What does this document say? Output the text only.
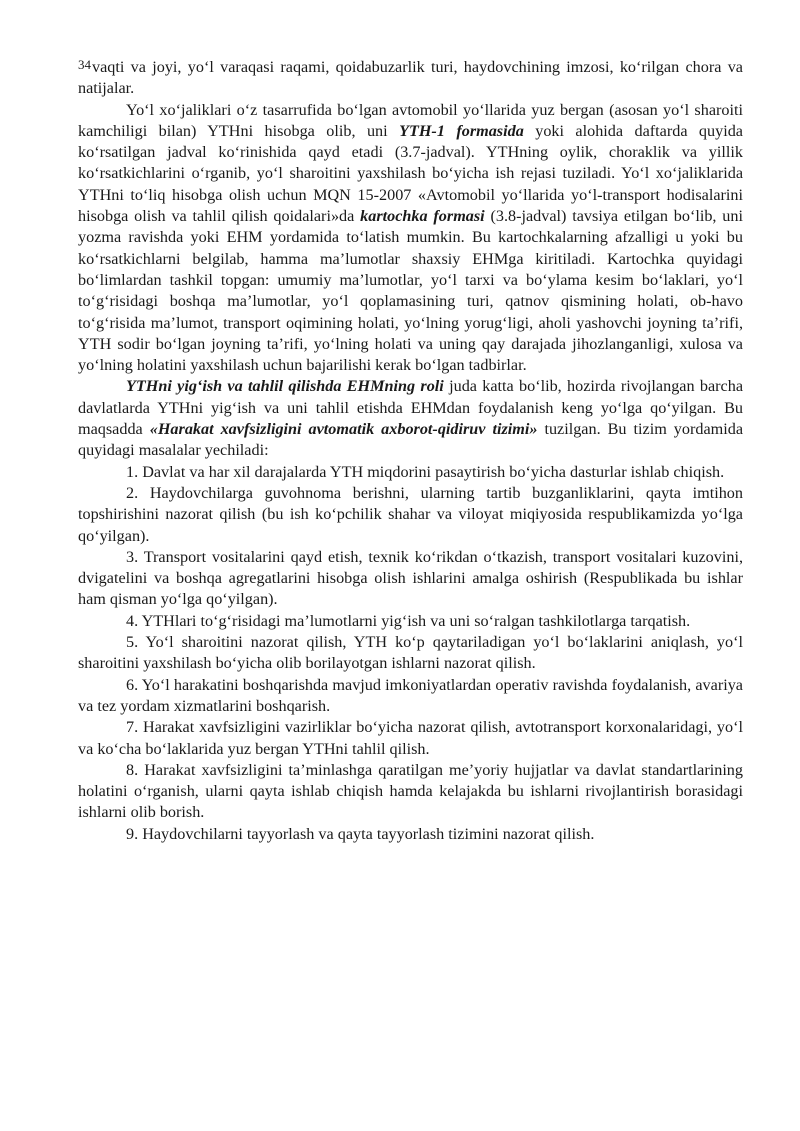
34 vaqti va joyi, yo‘l varaqasi raqami, qoidabuzarlik turi, haydovchining imzosi, ko‘rilgan chora va natijalar.

Yo‘l xo‘jaliklari o‘z tasarrufida bo‘lgan avtomobil yo‘llarida yuz bergan (asosan yo‘l sharoiti kamchiligi bilan) YTHni hisobga olib, uni YTH-1 formasida yoki alohida daftarda quyida ko‘rsatilgan jadval ko‘rinishida qayd etadi (3.7-jadval). YTHning oylik, choraklik va yillik ko‘rsatkichlarini o‘rganib, yo‘l sharoitini yaxshilash bo‘yicha ish rejasi tuziladi. Yo‘l xo‘jaliklarida YTHni to‘liq hisobga olish uchun MQN 15-2007 «Avtomobil yo‘llarida yo‘l-transport hodisalarini hisobga olish va tahlil qilish qoidalari»da kartochka formasi (3.8-jadval) tavsiya etilgan bo‘lib, uni yozma ravishda yoki EHM yordamida to‘latish mumkin. Bu kartochkalarning afzalligi u yoki bu ko‘rsatkichlarni belgilab, hamma ma’lumotlar shaxsiy EHMga kiritiladi. Kartochka quyidagi bo‘limlardan tashkil topgan: umumiy ma’lumotlar, yo‘l tarxi va bo‘ylama kesim bo‘laklari, yo‘l to‘g‘risidagi boshqa ma’lumotlar, yo‘l qoplamasining turi, qatnov qismining holati, ob-havo to‘g‘risida ma’lumot, transport oqimining holati, yo‘lning yorug‘ligi, aholi yashovchi joyning ta’rifi, YTH sodir bo‘lgan joyning ta’rifi, yo‘lning holati va uning qay darajada jihozlanganligi, xulosa va yo‘lning holatini yaxshilash uchun bajarilishi kerak bo‘lgan tadbirlar.

YTHni yig‘ish va tahlil qilishda EHMning roli juda katta bo‘lib, hozirda rivojlangan barcha davlatlarda YTHni yig‘ish va uni tahlil etishda EHMdan foydalanish keng yo‘lga qo‘yilgan. Bu maqsadda «Harakat xavfsizligini avtomatik axborot-qidiruv tizimi» tuzilgan. Bu tizim yordamida quyidagi masalalar yechiladi:

1. Davlat va har xil darajalarda YTH miqdorini pasaytirish bo‘yicha dasturlar ishlab chiqish.

2. Haydovchilarga guvohnoma berishni, ularning tartib buzganliklarini, qayta imtihon topshirishini nazorat qilish (bu ish ko‘pchilik shahar va viloyat miqiyosida respublikamizda yo‘lga qo‘yilgan).

3. Transport vositalarini qayd etish, texnik ko‘rikdan o‘tkazish, transport vositalari kuzovini, dvigatelini va boshqa agregatlarini hisobga olish ishlarini amalga oshirish (Respublikada bu ishlar ham qisman yo‘lga qo‘yilgan).

4. YTHlari to‘g‘risidagi ma’lumotlarni yig‘ish va uni so‘ralgan tashkilotlarga tarqatish.

5. Yo‘l sharoitini nazorat qilish, YTH ko‘p qaytariladigan yo‘l bo‘laklarini aniqlash, yo‘l sharoitini yaxshilash bo‘yicha olib borilayotgan ishlarni nazorat qilish.

6. Yo‘l harakatini boshqarishda mavjud imkoniyatlardan operativ ravishda foydalanish, avariya va tez yordam xizmatlarini boshqarish.

7. Harakat xavfsizligini vazirliklar bo‘yicha nazorat qilish, avtotransport korxonalaridagi, yo‘l va ko‘cha bo‘laklarida yuz bergan YTHni tahlil qilish.

8. Harakat xavfsizligini ta’minlashga qaratilgan me’yoriy hujjatlar va davlat standartlarining holatini o‘rganish, ularni qayta ishlab chiqish hamda kelajakda bu ishlarni rivojlantirish borasidagi ishlarni olib borish.

9. Haydovchilarni tayyorlash va qayta tayyorlash tizimini nazorat qilish.
